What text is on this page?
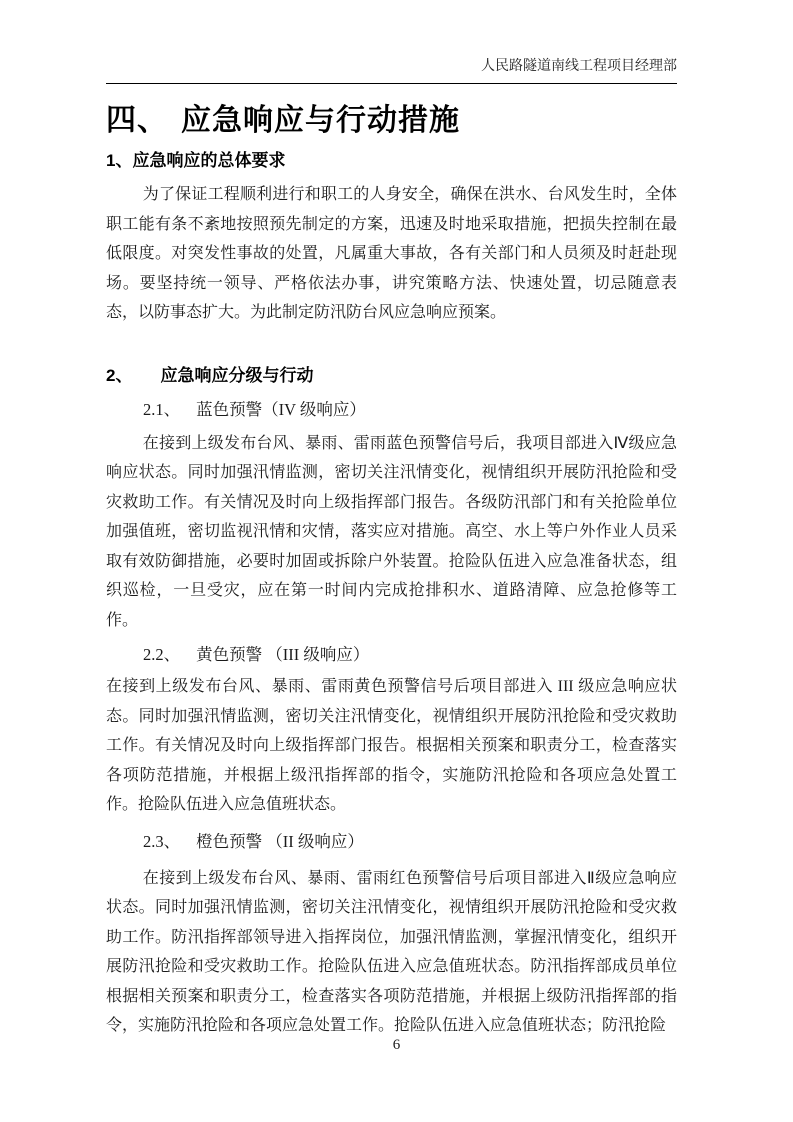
人民路隧道南线工程项目经理部
四、 应急响应与行动措施
1、应急响应的总体要求

为了保证工程顺利进行和职工的人身安全，确保在洪水、台风发生时，全体职工能有条不紊地按照预先制定的方案，迅速及时地采取措施，把损失控制在最低限度。对突发性事故的处置，凡属重大事故，各有关部门和人员须及时赶赴现场。要坚持统一领导、严格依法办事，讲究策略方法、快速处置，切忌随意表态，以防事态扩大。为此制定防汛防台风应急响应预案。

2、 应急响应分级与行动
2.1、 蓝色预警（IV 级响应）

在接到上级发布台风、暴雨、雷雨蓝色预警信号后，我项目部进入Ⅳ级应急响应状态。同时加强汛情监测，密切关注汛情变化，视情组织开展防汛抢险和受灾救助工作。有关情况及时向上级指挥部门报告。各级防汛部门和有关抢险单位加强值班，密切监视汛情和灾情，落实应对措施。高空、水上等户外作业人员采取有效防御措施，必要时加固或拆除户外装置。抢险队伍进入应急准备状态，组织巡检，一旦受灾，应在第一时间内完成抢排积水、道路清障、应急抢修等工作。

2.2、 黄色预警 （III 级响应）

在接到上级发布台风、暴雨、雷雨黄色预警信号后项目部进入 III 级应急响应状态。同时加强汛情监测，密切关注汛情变化，视情组织开展防汛抢险和受灾救助工作。有关情况及时向上级指挥部门报告。根据相关预案和职责分工，检查落实各项防范措施，并根据上级汛指挥部的指令，实施防汛抢险和各项应急处置工作。抢险队伍进入应急值班状态。

2.3、 橙色预警 （II 级响应）

在接到上级发布台风、暴雨、雷雨红色预警信号后项目部进入Ⅱ级应急响应状态。同时加强汛情监测，密切关注汛情变化，视情组织开展防汛抢险和受灾救助工作。防汛指挥部领导进入指挥岗位，加强汛情监测，掌握汛情变化，组织开展防汛抢险和受灾救助工作。抢险队伍进入应急值班状态。防汛指挥部成员单位根据相关预案和职责分工，检查落实各项防范措施，并根据上级防汛指挥部的指令，实施防汛抢险和各项应急处置工作。抢险队伍进入应急值班状态；防汛抢险

6
